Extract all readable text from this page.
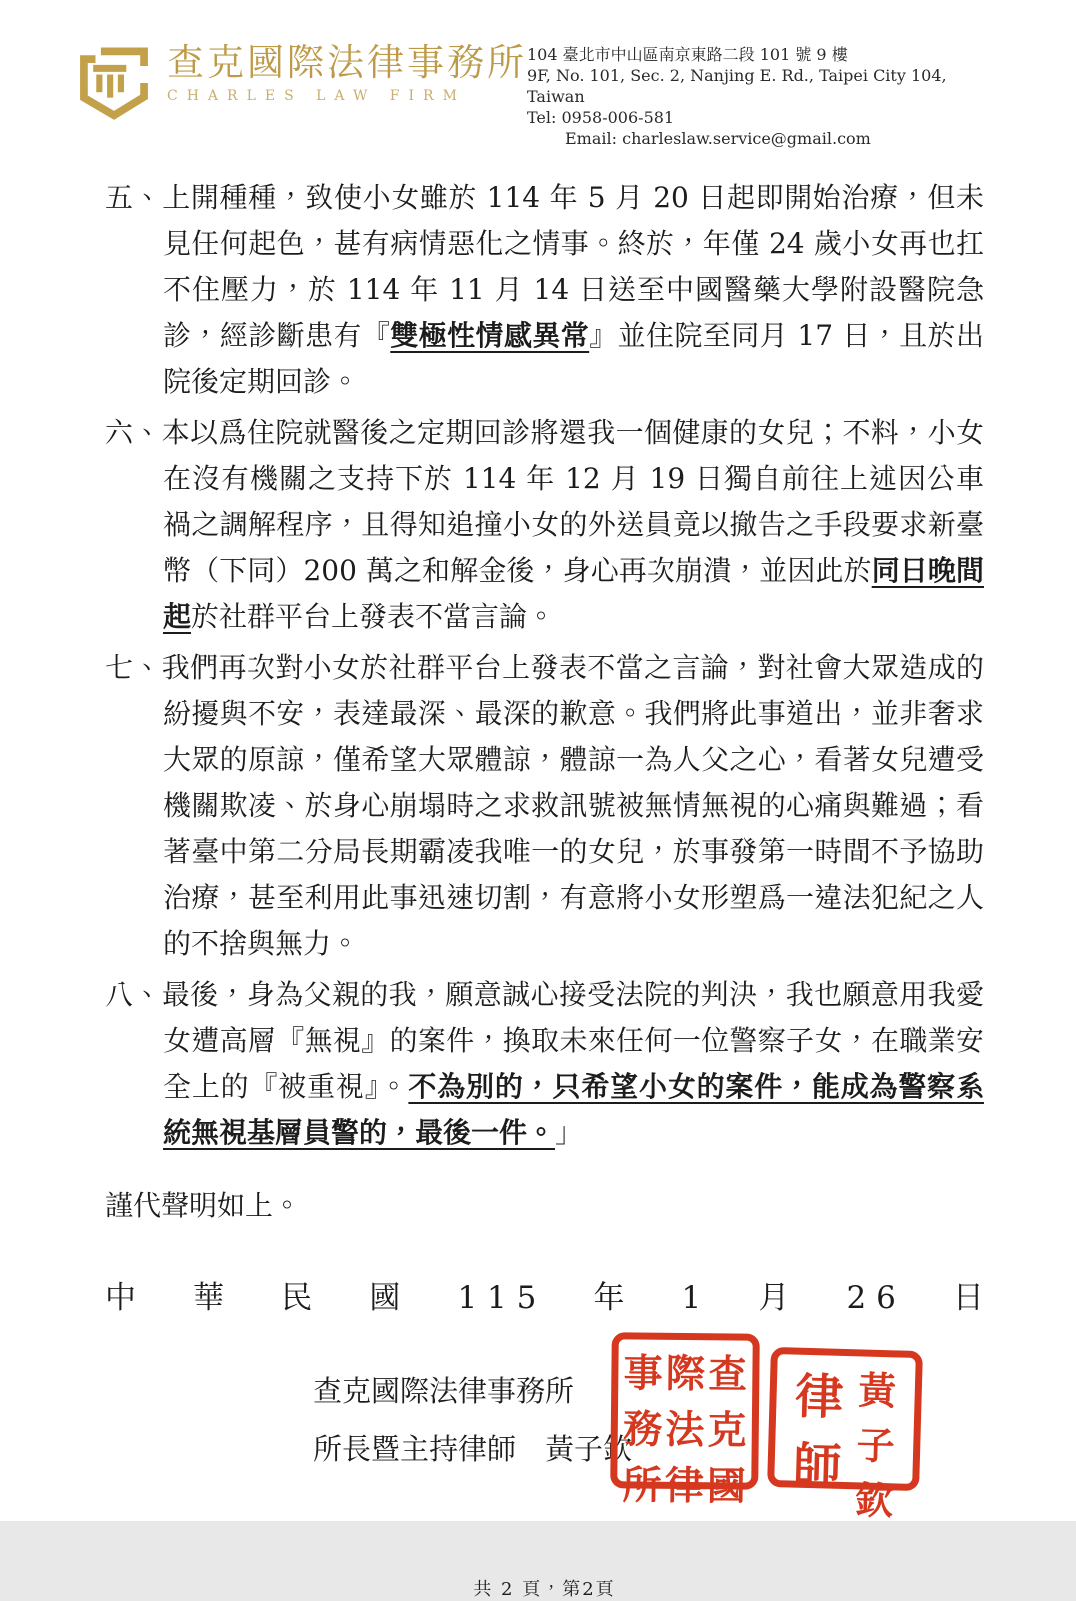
查克國際法律事務所
CHARLES LAW FIRM
104 臺北市中山區南京東路二段 101 號 9 樓
9F, No. 101, Sec. 2, Nanjing E. Rd., Taipei City 104, Taiwan
Tel: 0958-006-581 Email: charleslaw.service@gmail.com
五、上開種種，致使小女雖於 114 年 5 月 20 日起即開始治療，但未見任何起色，甚有病情惡化之情事。終於，年僅 24 歲小女再也扛不住壓力，於 114 年 11 月 14 日送至中國醫藥大學附設醫院急診，經診斷患有『雙極性情感異常』並住院至同月 17 日，且於出院後定期回診。
六、本以爲住院就醫後之定期回診將還我一個健康的女兒；不料，小女在沒有機關之支持下於 114 年 12 月 19 日獨自前往上述因公車禍之調解程序，且得知追撞小女的外送員竟以撤告之手段要求新臺幣（下同）200 萬之和解金後，身心再次崩潰，並因此於同日晚間起於社群平台上發表不當言論。
七、我們再次對小女於社群平台上發表不當之言論，對社會大眾造成的紛擾與不安，表達最深、最深的歉意。我們將此事道出，並非奢求大眾的原諒，僅希望大眾體諒，體諒一為人父之心，看著女兒遭受機關欺凌、於身心崩塌時之求救訊號被無情無視的心痛與難過；看著臺中第二分局長期霸凌我唯一的女兒，於事發第一時間不予協助治療，甚至利用此事迅速切割，有意將小女形塑爲一違法犯紀之人的不捨與無力。
八、最後，身為父親的我，願意誠心接受法院的判決，我也願意用我愛女遭高層『無視』的案件，換取未來任何一位警察子女，在職業安全上的『被重視』。不為別的，只希望小女的案件，能成為警察系統無視基層員警的，最後一件。」
謹代聲明如上。
中 華 民 國 1 1 5 年 1 月 2 6 日
查克國際法律事務所
所長暨主持律師　黃子欽
查
克
國
際
法
律
事
務
所
黃
子
欽
律
師
共 2 頁，第2頁
